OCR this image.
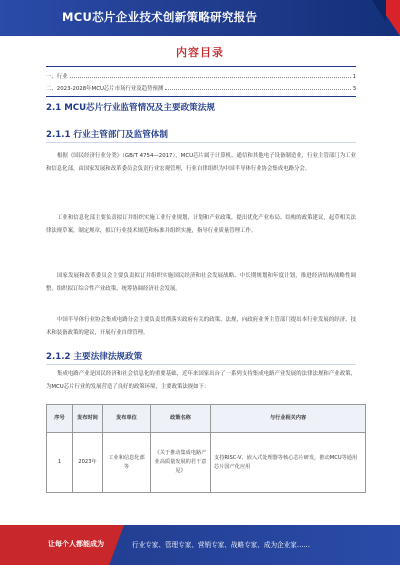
MCU芯片企业技术创新策略研究报告
内容目录
一、行业	1
二、2023-2028年MCU芯片市场行业及趋势预测	3
2.1 MCU芯片行业监管情况及主要政策法规
2.1.1 行业主管部门及监管体制
根据《国民经济行业分类》（GB/T 4754—2017），MCU芯片属于计算机、通信和其他电子设备制造业，行业主管部门为工业和信息化部，由国家发展和改革委员会负责行业宏观管理，行业自律组织为中国半导体行业协会集成电路分会。
工业和信息化部主要负责拟订并组织实施工业行业规划、计划和产业政策，提出优化产业布局、结构的政策建议，起草相关法律法规草案，制定规章，拟订行业技术规范和标准并组织实施，指导行业质量管理工作。
国家发展和改革委员会主要负责拟订并组织实施国民经济和社会发展战略、中长期规划和年度计划，推进经济结构战略性调整，组织拟订综合性产业政策，统筹协调经济社会发展。
中国半导体行业协会集成电路分会主要负责贯彻落实政府有关的政策、法规，向政府业务主管部门提出本行业发展的经济、技术和装备政策的建议，开展行业自律管理。
2.1.2 主要法律法规政策
集成电路产业是国民经济和社会信息化的重要基础，近年来国家出台了一系列支持集成电路产业发展的法律法规和产业政策，为MCU芯片行业的发展营造了良好的政策环境，主要政策法规如下：
序号	发布时间	发布单位	政策名称	与行业相关内容
1	2023年	工业和信息化部等	《关于推动集成电路产业高质量发展的若干意见》	支持RISC-V、嵌入式处理器等核心芯片研发，推动MCU等通用芯片国产化应用
让每个人都能成为	行业专家、管理专家、营销专家、战略专家、成为企业家……
